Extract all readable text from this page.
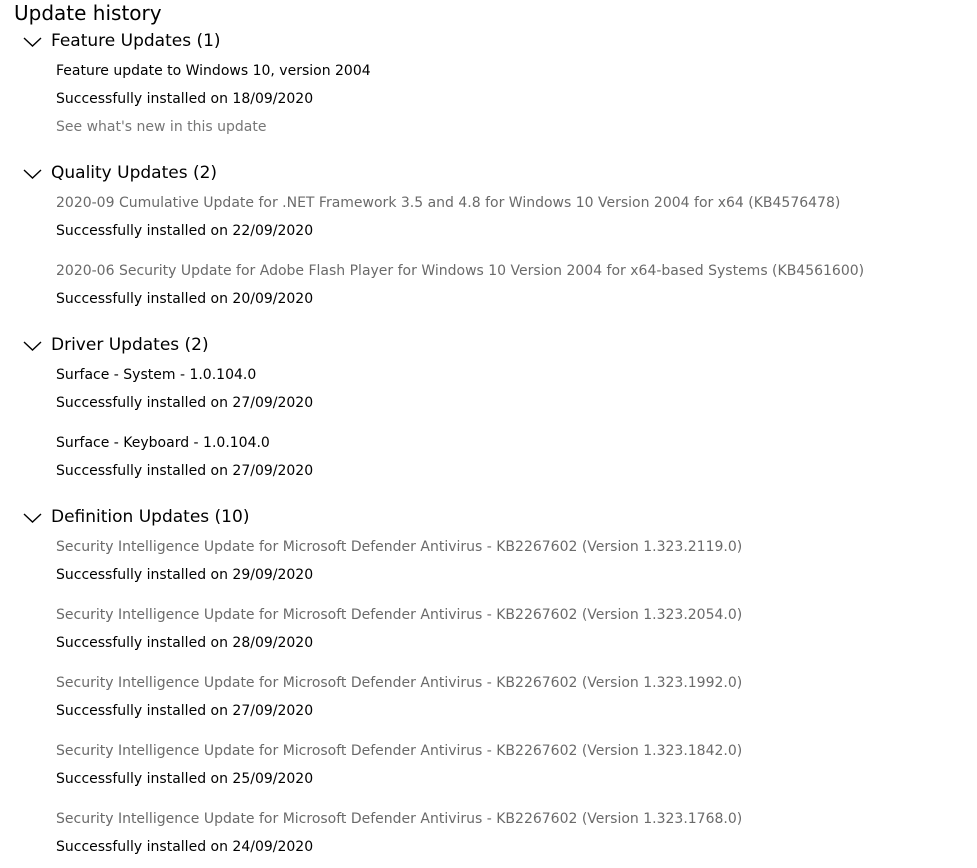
Update history
Feature Updates (1)
Feature update to Windows 10, version 2004
Successfully installed on 18/09/2020
See what's new in this update
Quality Updates (2)
2020-09 Cumulative Update for .NET Framework 3.5 and 4.8 for Windows 10 Version 2004 for x64 (KB4576478)
Successfully installed on 22/09/2020
2020-06 Security Update for Adobe Flash Player for Windows 10 Version 2004 for x64-based Systems (KB4561600)
Successfully installed on 20/09/2020
Driver Updates (2)
Surface - System - 1.0.104.0
Successfully installed on 27/09/2020
Surface - Keyboard - 1.0.104.0
Successfully installed on 27/09/2020
Definition Updates (10)
Security Intelligence Update for Microsoft Defender Antivirus - KB2267602 (Version 1.323.2119.0)
Successfully installed on 29/09/2020
Security Intelligence Update for Microsoft Defender Antivirus - KB2267602 (Version 1.323.2054.0)
Successfully installed on 28/09/2020
Security Intelligence Update for Microsoft Defender Antivirus - KB2267602 (Version 1.323.1992.0)
Successfully installed on 27/09/2020
Security Intelligence Update for Microsoft Defender Antivirus - KB2267602 (Version 1.323.1842.0)
Successfully installed on 25/09/2020
Security Intelligence Update for Microsoft Defender Antivirus - KB2267602 (Version 1.323.1768.0)
Successfully installed on 24/09/2020
